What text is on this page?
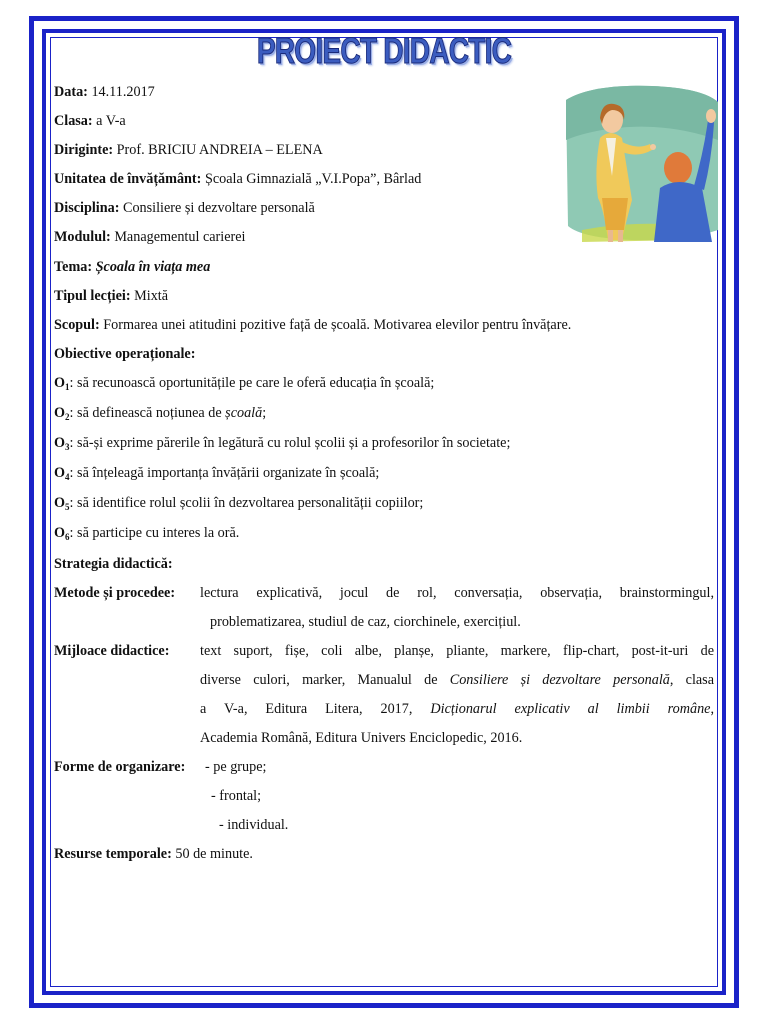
PROIECT DIDACTIC
Data: 14.11.2017
Clasa: a V-a
Diriginte: Prof. BRICIU ANDREIA – ELENA
Unitatea de învățământ: Școala Gimnazială „V.I.Popa”, Bârlad
Disciplina: Consiliere și dezvoltare personală
Modulul: Managementul carierei
Tema: Școala în viața mea
Tipul lecției: Mixtă
Scopul: Formarea unei atitudini pozitive față de școală. Motivarea elevilor pentru învățare.
Obiective operaționale:
$O_1$: să recunoască oportunitățile pe care le oferă educația în școală;
$O_2$: să definească noțiunea de școală;
$O_3$: să-și exprime părerile în legătură cu rolul școlii și a profesorilor în societate;
$O_4$: să înțeleagă importanța învățării organizate în școală;
$O_5$: să identifice rolul școlii în dezvoltarea personalității copiilor;
$O_6$: să participe cu interes la oră.
Strategia didactică:
Metode și procedee:	lectura explicativă, jocul de rol, conversația, observația, brainstormingul,
problematizarea, studiul de caz, ciorchinele, exercițiul.
Mijloace didactice:	text suport, fișe, coli albe, planșe, pliante, markere, flip-chart, post-it-uri de
diverse culori, marker, Manualul de Consiliere și dezvoltare personală, clasa
a V-a, Editura Litera, 2017, Dicționarul explicativ al limbii române,
Academia Română, Editura Univers Enciclopedic, 2016.
Forme de organizare:	- pe grupe;
- frontal;
- individual.
Resurse temporale: 50 de minute.
